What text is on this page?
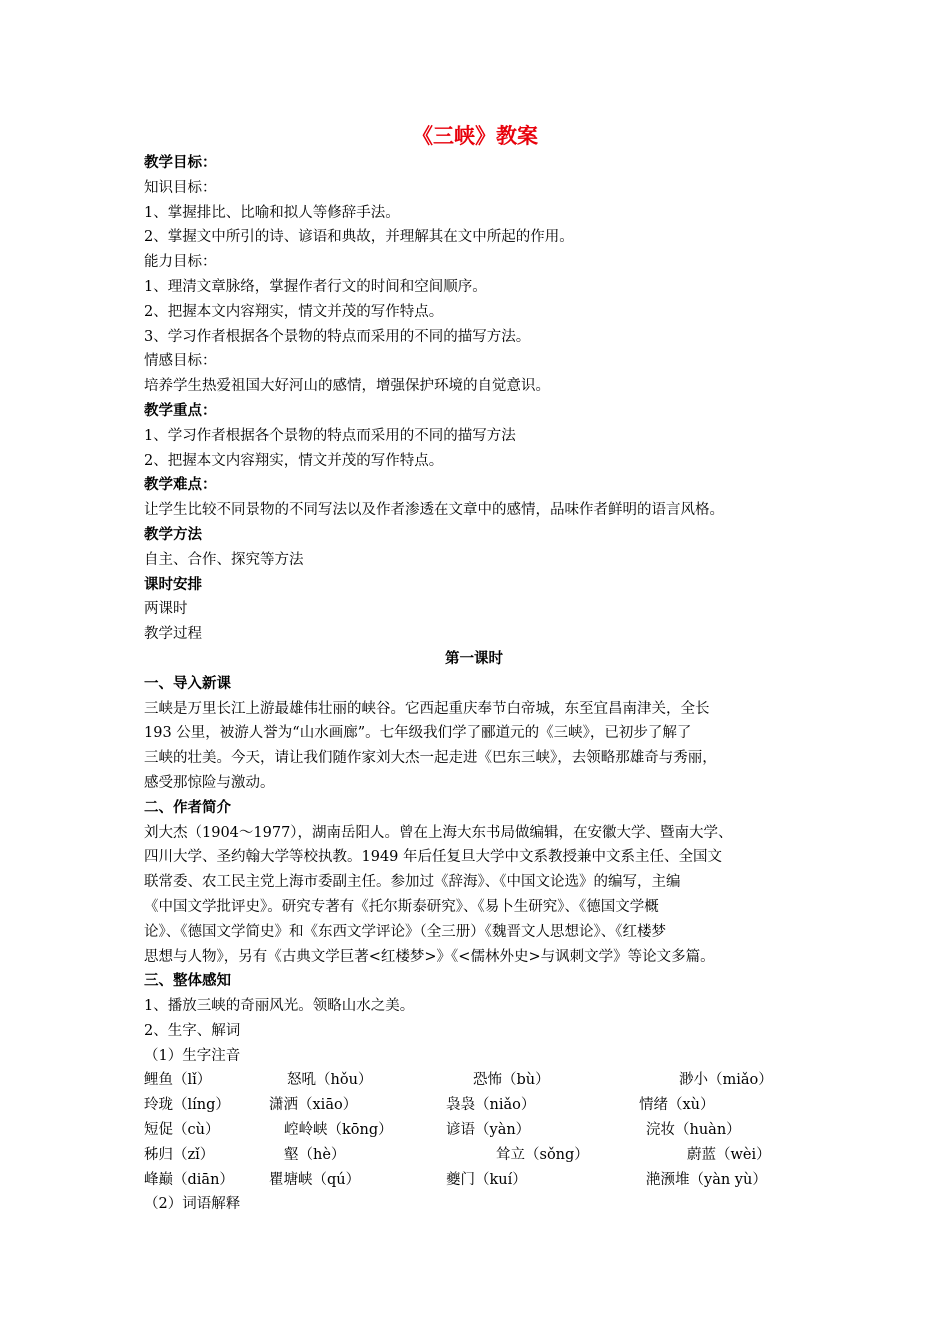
《三峡》教案
教学目标：
知识目标：
1、掌握排比、比喻和拟人等修辞手法。
2、掌握文中所引的诗、谚语和典故，并理解其在文中所起的作用。
能力目标：
1、理清文章脉络，掌握作者行文的时间和空间顺序。
2、把握本文内容翔实，情文并茂的写作特点。
3、学习作者根据各个景物的特点而采用的不同的描写方法。
情感目标：
培养学生热爱祖国大好河山的感情，增强保护环境的自觉意识。
教学重点：
1、学习作者根据各个景物的特点而采用的不同的描写方法
2、把握本文内容翔实，情文并茂的写作特点。
教学难点：
让学生比较不同景物的不同写法以及作者渗透在文章中的感情，品味作者鲜明的语言风格。
教学方法
自主、合作、探究等方法
课时安排
两课时
教学过程
第一课时
一、导入新课
三峡是万里长江上游最雄伟壮丽的峡谷。它西起重庆奉节白帝城，东至宜昌南津关，全长
193 公里，被游人誉为“山水画廊”。七年级我们学了郦道元的《三峡》，已初步了解了
三峡的壮美。今天，请让我们随作家刘大杰一起走进《巴东三峡》，去领略那雄奇与秀丽，
感受那惊险与激动。
二、作者简介
刘大杰（1904～1977），湖南岳阳人。曾在上海大东书局做编辑，在安徽大学、暨南大学、
四川大学、圣约翰大学等校执教。1949 年后任复旦大学中文系教授兼中文系主任、全国文
联常委、农工民主党上海市委副主任。参加过《辞海》、《中国文论选》的编写，主编
《中国文学批评史》。研究专著有《托尔斯泰研究》、《易卜生研究》、《德国文学概
论》、《德国文学简史》和《东西文学评论》（全三册）《魏晋文人思想论》、《红楼梦
思想与人物》，另有《古典文学巨著<红楼梦>》《<儒林外史>与讽刺文学》等论文多篇。
三、整体感知
1、播放三峡的奇丽风光。领略山水之美。
2、生字、解词
（1）生字注音
鲤鱼（lǐ）	怒吼（hǒu）	恐怖（bù）	渺小（miǎo）
玲珑（líng）	潇洒（xiāo）	袅袅（niǎo）	情绪（xù）
短促（cù）	崆岭峡（kōng）	谚语（yàn）	浣妆（huàn）
秭归（zǐ）	壑（hè）	耸立（sǒng）	蔚蓝（wèi）
峰巅（diān） 瞿塘峡（qú）	夔门（kuí）	滟滪堆（yàn yù）
（2）词语解释
